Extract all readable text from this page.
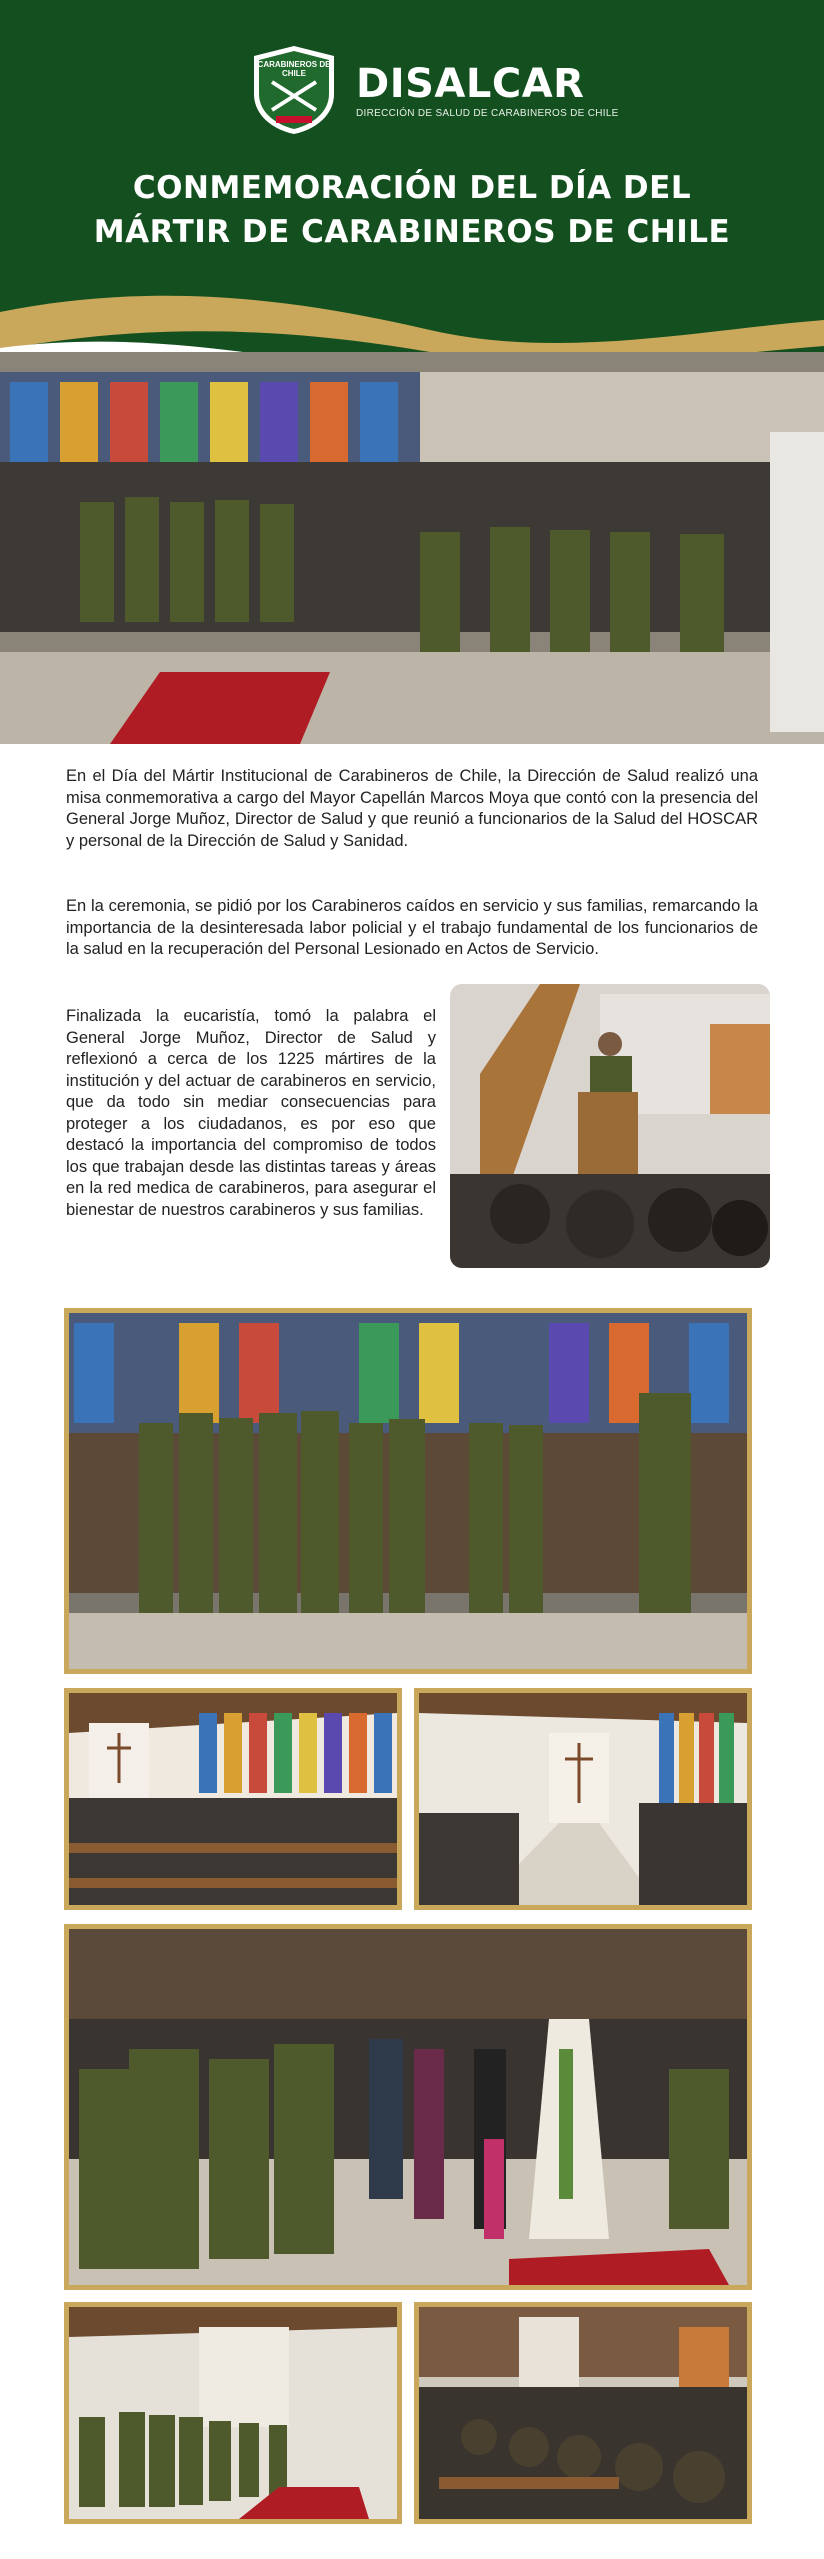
CARABINEROS DE CHILE	DISALCAR
DIRECCIÓN DE SALUD DE CARABINEROS DE CHILE
CONMEMORACIÓN DEL DÍA DEL
MÁRTIR DE CARABINEROS DE CHILE

En el Día del Mártir Institucional de Carabineros de Chile, la Dirección de Salud realizó una misa conmemorativa a cargo del Mayor Capellán Marcos Moya que contó con la presencia del General Jorge Muñoz, Director de Salud y que reunió a funcionarios de la Salud del HOSCAR y personal de la Dirección de Salud y Sanidad.

En la ceremonia, se pidió por los Carabineros caídos en servicio y sus familias, remarcando la importancia de la desinteresada labor policial y el trabajo fundamental de los funcionarios de la salud en la recuperación del Personal Lesionado en Actos de Servicio.

Finalizada la eucaristía, tomó la palabra el General Jorge Muñoz, Director de Salud y reflexionó a cerca de los 1225 mártires de la institución y del actuar de carabineros en servicio, que da todo sin mediar consecuencias para proteger a los ciudadanos, es por eso que destacó la importancia del compromiso de todos los que trabajan desde las distintas tareas y áreas en la red medica de carabineros, para asegurar el bienestar de nuestros carabineros y sus familias.
